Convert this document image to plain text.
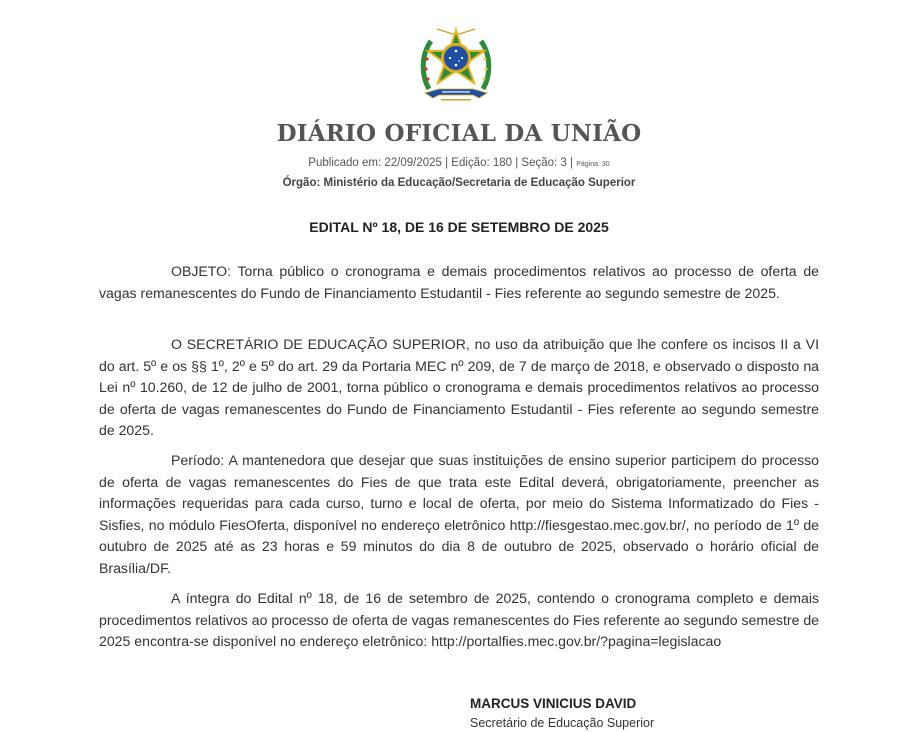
DIÁRIO OFICIAL DA UNIÃO
Publicado em: 22/09/2025 | Edição: 180 | Seção: 3 | Página: 30
Órgão: Ministério da Educação/Secretaria de Educação Superior
EDITAL Nº 18, DE 16 DE SETEMBRO DE 2025

OBJETO: Torna público o cronograma e demais procedimentos relativos ao processo de oferta de vagas remanescentes do Fundo de Financiamento Estudantil - Fies referente ao segundo semestre de 2025.

O SECRETÁRIO DE EDUCAÇÃO SUPERIOR, no uso da atribuição que lhe confere os incisos II a VI do art. 5º e os §§ 1º, 2º e 5º do art. 29 da Portaria MEC nº 209, de 7 de março de 2018, e observado o disposto na Lei nº 10.260, de 12 de julho de 2001, torna público o cronograma e demais procedimentos relativos ao processo de oferta de vagas remanescentes do Fundo de Financiamento Estudantil - Fies referente ao segundo semestre de 2025.

Período: A mantenedora que desejar que suas instituições de ensino superior participem do processo de oferta de vagas remanescentes do Fies de que trata este Edital deverá, obrigatoriamente, preencher as informações requeridas para cada curso, turno e local de oferta, por meio do Sistema Informatizado do Fies - Sisfies, no módulo FiesOferta, disponível no endereço eletrônico http://fiesgestao.mec.gov.br/, no período de 1º de outubro de 2025 até as 23 horas e 59 minutos do dia 8 de outubro de 2025, observado o horário oficial de Brasília/DF.

A íntegra do Edital nº 18, de 16 de setembro de 2025, contendo o cronograma completo e demais procedimentos relativos ao processo de oferta de vagas remanescentes do Fies referente ao segundo semestre de 2025 encontra-se disponível no endereço eletrônico: http://portalfies.mec.gov.br/?pagina=legislacao

MARCUS VINICIUS DAVID
Secretário de Educação Superior
